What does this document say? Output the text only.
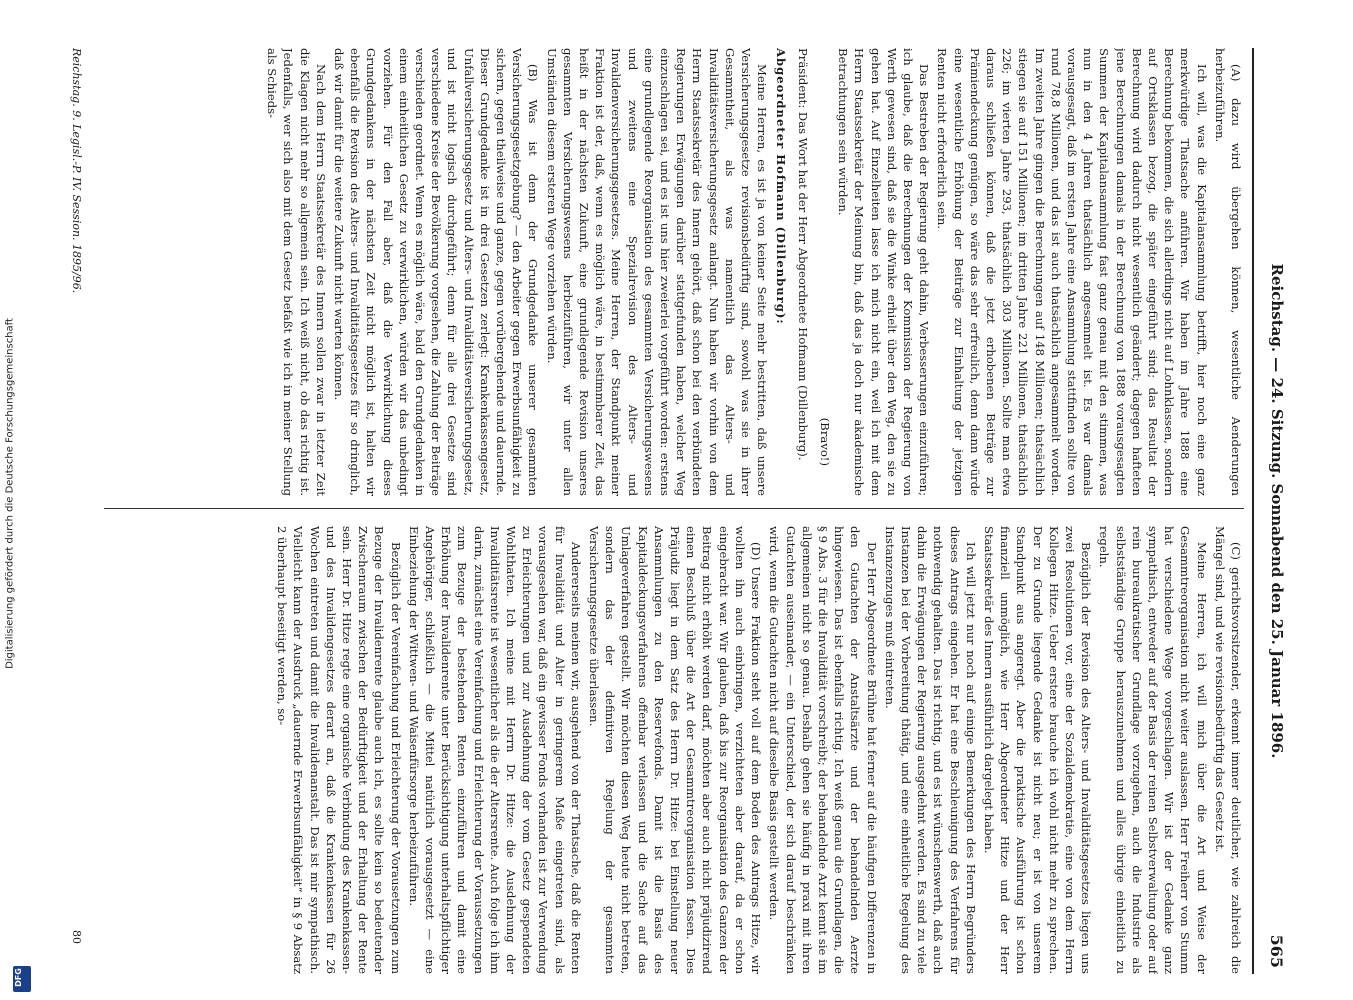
Digitalisierung gefördert durch die Deutsche Forschungsgemeinschaft
DFG
Reichstag. — 24. Sitzung. Sonnabend den 25. Januar 1896.
565

(A) dazu wird übergehen können, wesentliche Aenderungen herbeizuführen.

Ich will, was die Kapitalansammlung betrifft, hier noch eine ganz merkwürdige Thatsache anführen. Wir haben im Jahre 1888 eine Berechnung bekommen, die sich allerdings nicht auf Lohnklassen, sondern auf Ortsklassen bezog, die später eingeführt sind; das Resultat der Berechnung wird dadurch nicht wesentlich geändert; dagegen hafteten jene Berechnungen damals in der Berechnung von 1888 vorausgesagten Summen der Kapitalansammlung fast ganz genau mit den stimmen, was nun in den 4 Jahren thatsächlich angesammelt ist. Es war damals vorausgesagt, daß im ersten Jahre eine Ansammlung stattfinden sollte von rund 78,8 Millionen, und das ist auch thatsächlich angesammelt worden. Im zweiten Jahre gingen die Berechnungen auf 148 Millionen; thatsächlich stiegen sie auf 151 Millionen; im dritten Jahre 221 Millionen, thatsächlich 226; im vierten Jahre 293, thatsächlich 303 Millionen. Sollte man etwa daraus schließen können, daß die jetzt erhobenen Beiträge zur Prämiendeckung genügen, so wäre das sehr erfreulich, denn dann würde eine wesentliche Erhöhung der Beiträge zur Einhaltung der jetzigen Renten nicht erforderlich sein.

Das Bestreben der Regierung geht dahin, Verbesserungen einzuführen; ich glaube, daß die Berechnungen der Kommission der Regierung von Werth gewesen sind, daß sie die Winke erhielt über den Weg, den sie zu gehen hat. Auf Einzelheiten lasse ich mich nicht ein, weil ich mit dem Herrn Staatssekretär der Meinung bin, daß das ja doch nur akademische Betrachtungen sein würden.

(Bravo!)

Präsident: Das Wort hat der Herr Abgeordnete Hofmann (Dillenburg).

Abgeordneter Hofmann (Dillenburg):

Meine Herren, es ist ja von keiner Seite mehr bestritten, daß unsere Versicherungsgesetze revisionsbedürftig sind, sowohl was sie in ihrer Gesammtheit, als was namentlich das Alters- und Invaliditätsversicherungsgesetz anlangt. Nun haben wir vorhin von dem Herrn Staatssekretär des Innern gehört, daß schon bei den verbündeten Regierungen Erwägungen darüber stattgefunden haben, welcher Weg einzuschlagen sei, und es ist uns hier zweierlei vorgeführt worden: erstens eine grundlegende Reorganisation des gesammten Versicherungswesens und zweitens eine Spezialrevision des Alters- und Invalidenversicherungsgesetzes. Meine Herren, der Standpunkt meiner Fraktion ist der, daß, wenn es möglich wäre, in bestimmbarer Zeit, das heißt in der nächsten Zukunft, eine grundlegende Revision unseres gesammten Versicherungswesens herbeizuführen, wir unter allen Umständen diesem ersteren Wege vorziehen würden.

(B) Was ist denn der Grundgedanke unserer gesammten Versicherungsgesetzgebung? — den Arbeiter gegen Erwerbsunfähigkeit zu sichern, gegen theilweise und ganze, gegen vorübergehende und dauernde. Dieser Grundgedanke ist in drei Gesetzen zerlegt: Krankenkassengesetz, Unfallversicherungsgesetz und Alters- und Invaliditätsversicherungsgesetz, und ist nicht logisch durchgeführt; denn für alle drei Gesetze sind verschiedene Kreise der Bevölkerung vorgesehen, die Zahlung der Beiträge verschieden geordnet. Wenn es möglich wäre, bald den Grundgedanken in einem einheitlichen Gesetz zu verwirklichen, würden wir das unbedingt vorziehen. Für den Fall aber, daß die Verwirklichung dieses Grundgedankens in der nächsten Zeit nicht möglich ist, halten wir ebenfalls die Revision des Alters- und Invaliditätsgesetzes für so dringlich, daß wir damit für die weitere Zukunft nicht warten können.

Nach dem Herrn Staatssekretär des Innern sollen zwar in letzter Zeit die Klagen nicht mehr so allgemein sein. Ich weiß nicht, ob das richtig ist. Jedenfalls, wer sich also mit dem Gesetz befaßt wie ich in meiner Stellung als Schieds-

(C) gerichtsvorsitzender, erkennt immer deutlicher, wie zahlreich die Mängel sind, und wie revisionsbedürftig das Gesetz ist.

Meine Herren, ich will mich über die Art und Weise der Gesammtreorganisation nicht weiter auslassen. Herr Freiherr von Stumm hat verschiedene Wege vorgeschlagen. Wir ist der Gedanke ganz sympathisch, entweder auf der Basis der reinen Selbstverwaltung oder auf rein bureaukratischer Grundlage vorzugehen, auch die Industrie als selbstständige Gruppe herauszunehmen und alles übrige einheitlich zu regeln.

Bezüglich der Revision des Alters- und Invaliditätsgesetzes liegen uns zwei Resolutionen vor, eine der Sozialdemokratie, eine von dem Herrn Kollegen Hitze. Ueber erstere brauche ich wohl nicht mehr zu sprechen. Der zu Grunde liegende Gedanke ist nicht neu; er ist von unserem Standpunkt aus angeregt. Aber die praktische Ausführung ist schon finanziell unmöglich, wie Herr Abgeordneter Hitze und der Herr Staatssekretär des Innern ausführlich dargelegt haben.

Ich will jetzt nur noch auf einige Bemerkungen des Herrn Begründers dieses Antrags eingehen. Er hat eine Beschleunigung des Verfahrens für nothwendig gehalten. Das ist richtig, und es ist wünschenswerth, daß auch dahin die Erwägungen der Regierung ausgedehnt werden. Es sind zu viele Instanzen bei der Vorbereitung thätig, und eine einheitliche Regelung des Instanzenzuges muß eintreten.

Der Herr Abgeordnete Brühne hat ferner auf die häufigen Differenzen in den Gutachten der Anstaltsärzte und der behandelnden Aerzte hingewiesen. Das ist ebenfalls richtig. Ich weiß genau die Grundlagen, die § 9 Abs. 3 für die Invalidität vorschreibt; der behandelnde Arzt kennt sie im allgemeinen nicht so genau. Deshalb gehen sie häufig in praxi mit ihren Gutachten auseinander, — ein Unterschied, der sich darauf beschränken wird, wenn die Gutachten nicht auf dieselbe Basis gestellt werden.

(D) Unsere Fraktion steht voll auf dem Boden des Antrags Hitze, wir wollten ihn auch einbringen, verzichteten aber darauf, da er schon eingebracht war. Wir glauben, daß bis zur Reorganisation des Ganzen der Beitrag nicht erhöht werden darf, möchten aber auch nicht präjudizirend einen Beschluß über die Art der Gesammtreorganisation fassen. Dies Präjudiz liegt in dem Satz des Herrn Dr. Hitze: bei Einstellung neuer Ansammlungen zu den Reservefonds. Damit ist die Basis des Kapitaldeckungsverfahrens offenbar verlassen und die Sache auf das Umlageverfahren gestellt. Wir möchten diesen Weg heute nicht betreten, sondern das der definitiven Regelung der gesammten Versicherungsgesetze überlassen.

Andererseits meinen wir, ausgehend von der Thatsache, daß die Renten für Invalidität und Alter in geringerem Maße eingetreten sind, als vorausgesehen war, daß ein gewisser Fonds vorhanden ist zur Verwendung zu Erleichterungen und zur Ausdehnung der vom Gesetz gespendeten Wohlthaten. Ich meine mit Herrn Dr. Hitze: die Ausdehnung der Invaliditätsrente ist wesentlicher als die der Altersrente. Auch folge ich ihm darin, zunächst eine Vereinfachung und Erleichterung der Voraussetzungen zum Bezuge der bestehenden Renten einzuführen und damit eine Erhöhung der Invalidenrente unter Berücksichtigung unterhaltspflichtiger Angehöriger, schließlich — die Mittel natürlich vorausgesetzt — eine Einbeziehung der Wittwen- und Waisenfürsorge herbeizuführen.

Bezüglich der Vereinfachung und Erleichterung der Vorausetzungen zum Bezuge der Invalidenrente glaube auch ich, es sollte kein so bedeutender Zwischenraum zwischen der Bedürftigkeit und der Erhaltung der Rente sein. Herr Dr. Hitze regte eine organische Verbindung des Krankenkassen- und des Invalidengesetzes derart an, daß die Krankenkassen für 26 Wochen eintreten und damit die Invalidenanstalt. Das ist mir sympathisch. Vielleicht kann der Ausdruck „dauernde Erwerbsunfähigkeit“ in § 9 Absatz 2 überhaupt beseitigt werden, so-

Reichstag. 9. Legisl.-P. IV. Session. 1895/96.
80
